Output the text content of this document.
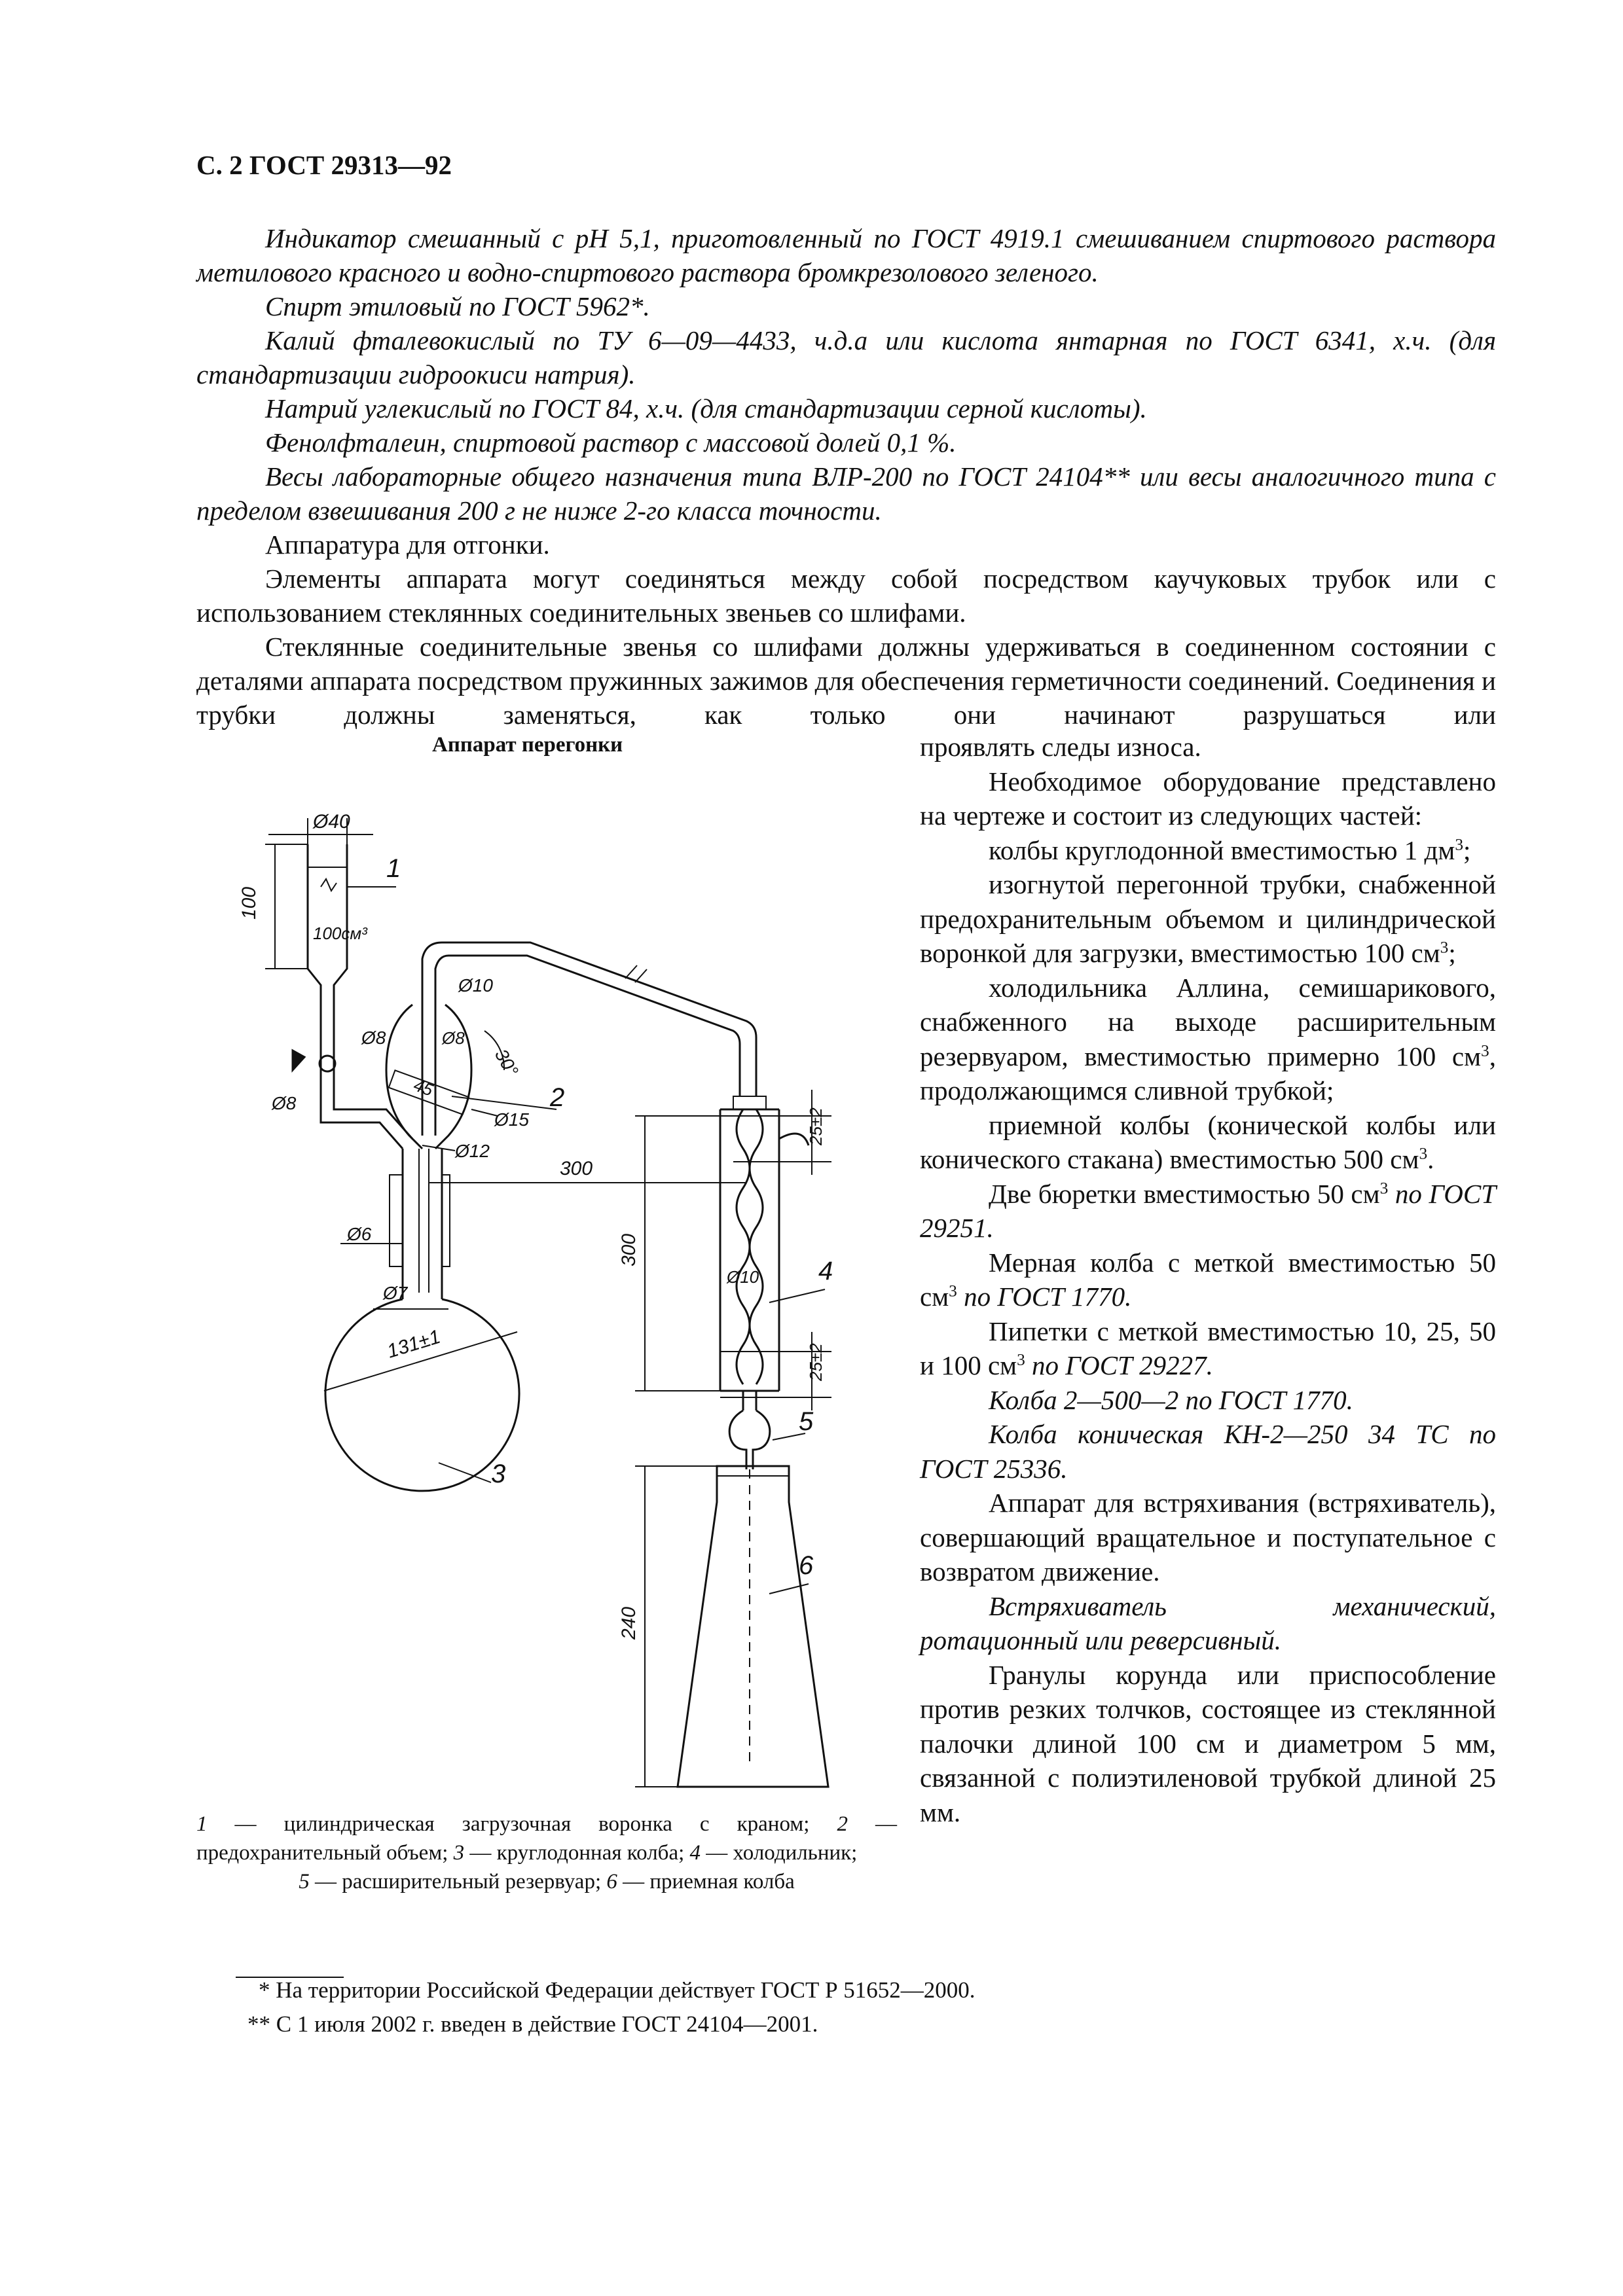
С. 2 ГОСТ 29313—92

Индикатор смешанный с рН 5,1, приготовленный по ГОСТ 4919.1 смешиванием спиртового раствора метилового красного и водно-спиртового раствора бромкрезолового зеленого.

Спирт этиловый по ГОСТ 5962*.

Калий фталевокислый по ТУ 6—09—4433, ч.д.а или кислота янтарная по ГОСТ 6341, х.ч. (для стандартизации гидроокиси натрия).

Натрий углекислый по ГОСТ 84, х.ч. (для стандартизации серной кислоты).

Фенолфталеин, спиртовой раствор с массовой долей 0,1 %.

Весы лабораторные общего назначения типа ВЛР-200 по ГОСТ 24104** или весы аналогичного типа с пределом взвешивания 200 г не ниже 2-го класса точности.

Аппаратура для отгонки.

Элементы аппарата могут соединяться между собой посредством каучуковых трубок или с использованием стеклянных соединительных звеньев со шлифами.

Стеклянные соединительные звенья со шлифами должны удерживаться в соединенном состоянии с деталями аппарата посредством пружинных зажимов для обеспечения герметичности соединений. Соединения и трубки должны заменяться, как только они начинают разрушаться или

Аппарат перегонки
Ø40
100
100см³
1
Ø8
Ø10
Ø8	Ø8
30°
45	2
Ø15
Ø12
300
Ø6
Ø7
131±1
3
Ø10 4
25±2
25±2
300
5
6
240
1 — цилиндрическая загрузочная воронка с краном; 2 — предохранительный объем; 3 — круглодонная колба; 4 — холодильник;
5 — расширительный резервуар; 6 — приемная колба

проявлять следы износа.

Необходимое оборудование представлено на чертеже и состоит из следующих частей:

колбы круглодонной вместимостью 1 $дм^3$;

изогнутой перегонной трубки, снабженной предохранительным объемом и цилиндрической воронкой для загрузки, вместимостью 100 $см^3$;

холодильника Аллина, семишарикового, снабженного на выходе расширительным резервуаром, вместимостью примерно 100 $см^3$, продолжающимся сливной трубкой;

приемной колбы (конической колбы или конического стакана) вместимостью 500 $см^3$.

Две бюретки вместимостью 50 $см^3$ по ГОСТ 29251.

Мерная колба с меткой вместимостью 50 $см^3$ по ГОСТ 1770.

Пипетки с меткой вместимостью 10, 25, 50 и 100 $см^3$ по ГОСТ 29227.

Колба 2—500—2 по ГОСТ 1770.

Колба коническая КН-2—250 34 ТС по ГОСТ 25336.

Аппарат для встряхивания (встряхиватель), совершающий вращательное и поступательное с возвратом движение.

Встряхиватель механический, ротационный или реверсивный.

Гранулы корунда или приспособление против резких толчков, состоящее из стеклянной палочки длиной 100 см и диаметром 5 мм, связанной с полиэтиленовой трубкой длиной 25 мм.

* На территории Российской Федерации действует ГОСТ Р 51652—2000.
** С 1 июля 2002 г. введен в действие ГОСТ 24104—2001.
